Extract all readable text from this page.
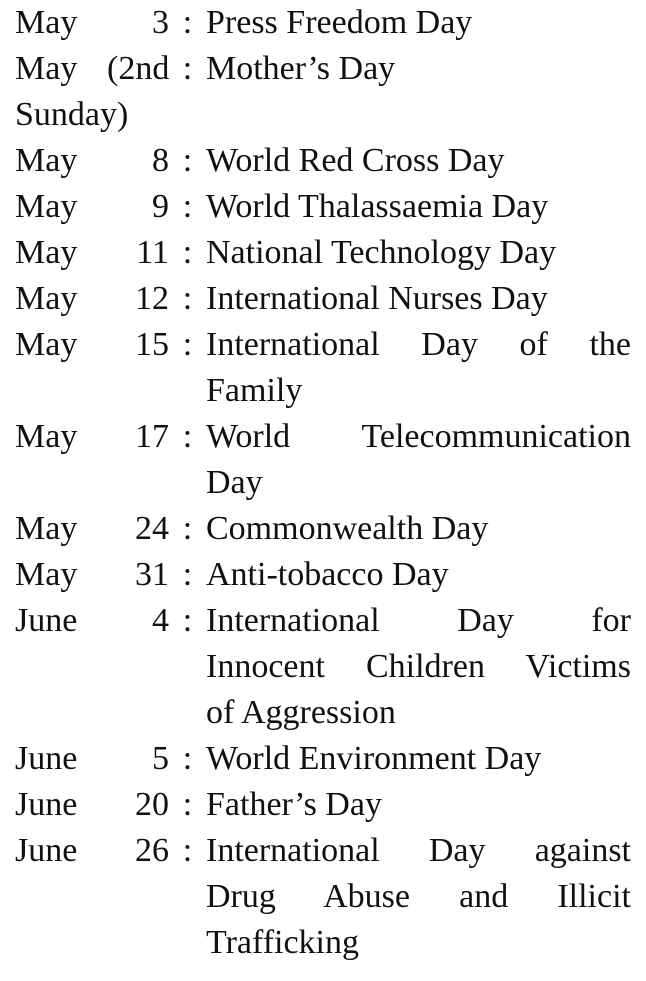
May	3 : Press Freedom Day
May (2nd : Mother’s Day
Sunday)
May	8 : World Red Cross Day
May	9 : World Thalassaemia Day
May	11 : National Technology Day
May	12 : International Nurses Day
May	15 : International Day of the
Family
May	17 : World Telecommunication
Day
May	24 : Commonwealth Day
May	31 : Anti-tobacco Day
June	4 : International Day for
Innocent Children Victims
of Aggression
June	5 : World Environment Day
June	20 : Father’s Day
June	26 : International Day against
Drug Abuse and Illicit
Trafficking
